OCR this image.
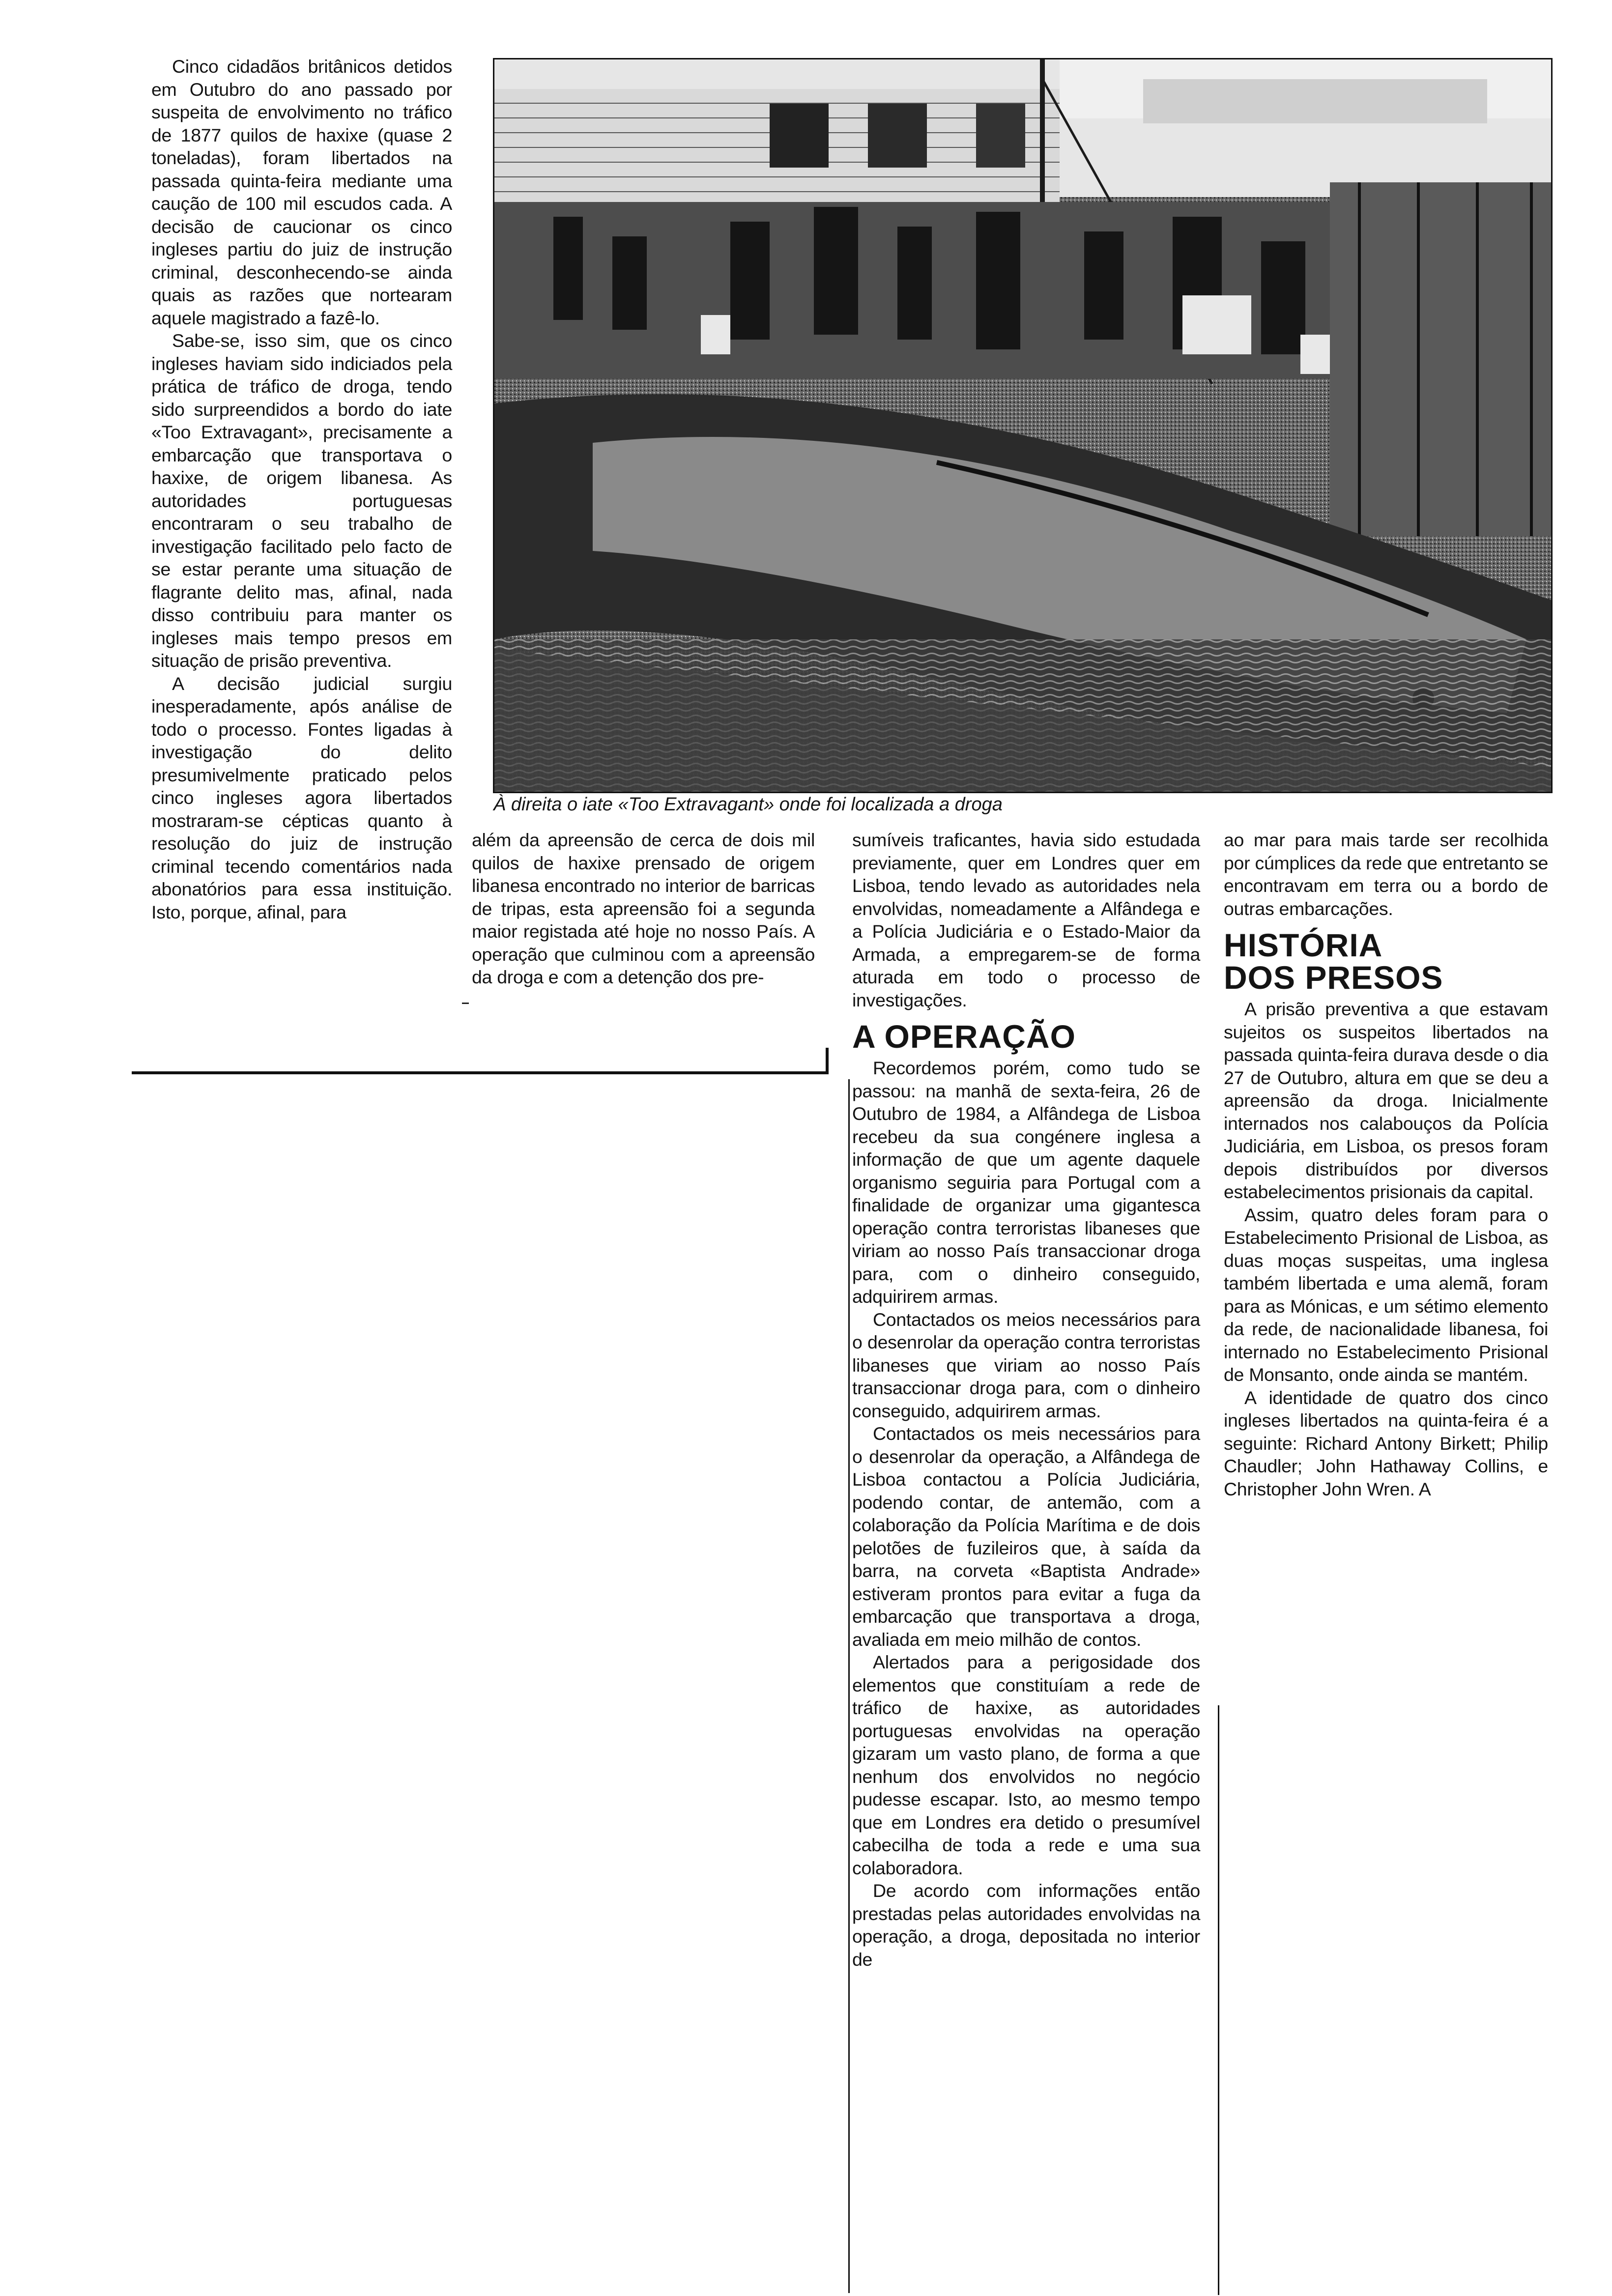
Cinco cidadãos britânicos detidos em Outubro do ano passado por suspeita de envolvimento no tráfico de 1877 quilos de haxixe (quase 2 toneladas), foram libertados na passada quinta-feira mediante uma caução de 100 mil escudos cada. A decisão de caucionar os cinco ingleses partiu do juiz de instrução criminal, desconhecendo-se ainda quais as razões que nortearam aquele magistrado a fazê-lo.

Sabe-se, isso sim, que os cinco ingleses haviam sido indiciados pela prática de tráfico de droga, tendo sido surpreendidos a bordo do iate «Too Extravagant», precisamente a embarcação que transportava o haxixe, de origem libanesa. As autoridades portuguesas encontraram o seu trabalho de investigação facilitado pelo facto de se estar perante uma situação de flagrante delito mas, afinal, nada disso contribuiu para manter os ingleses mais tempo presos em situação de prisão preventiva.

A decisão judicial surgiu inesperadamente, após análise de todo o processo. Fontes ligadas à investigação do delito presumivelmente praticado pelos cinco ingleses agora libertados mostraram-se cépticas quanto à resolução do juiz de instrução criminal tecendo comentários nada abonatórios para essa instituição. Isto, porque, afinal, para

À direita o iate «Too Extravagant» onde foi localizada a droga

além da apreensão de cerca de dois mil quilos de haxixe prensado de origem libanesa encontrado no interior de barricas de tripas, esta apreensão foi a segunda maior registada até hoje no nosso País. A operação que culminou com a apreensão da droga e com a detenção dos pre-

sumíveis traficantes, havia sido estudada previamente, quer em Londres quer em Lisboa, tendo levado as autoridades nela envolvidas, nomeadamente a Alfândega e a Polícia Judiciária e o Estado-Maior da Armada, a empregarem-se de forma aturada em todo o processo de investigações.

A OPERAÇÃO

Recordemos porém, como tudo se passou: na manhã de sexta-feira, 26 de Outubro de 1984, a Alfândega de Lisboa recebeu da sua congénere inglesa a informação de que um agente daquele organismo seguiria para Portugal com a finalidade de organizar uma gigantesca operação contra terroristas libaneses que viriam ao nosso País transaccionar droga para, com o dinheiro conseguido, adquirirem armas.

Contactados os meios necessários para o desenrolar da operação contra terroristas libaneses que viriam ao nosso País transaccionar droga para, com o dinheiro conseguido, adquirirem armas.

Contactados os meis necessários para o desenrolar da operação, a Alfândega de Lisboa contactou a Polícia Judiciária, podendo contar, de antemão, com a colaboração da Polícia Marítima e de dois pelotões de fuzileiros que, à saída da barra, na corveta «Baptista Andrade» estiveram prontos para evitar a fuga da embarcação que transportava a droga, avaliada em meio milhão de contos.

Alertados para a perigosidade dos elementos que constituíam a rede de tráfico de haxixe, as autoridades portuguesas envolvidas na operação gizaram um vasto plano, de forma a que nenhum dos envolvidos no negócio pudesse escapar. Isto, ao mesmo tempo que em Londres era detido o presumível cabecilha de toda a rede e uma sua colaboradora.

De acordo com informações então prestadas pelas autoridades envolvidas na operação, a droga, depositada no interior de

ao mar para mais tarde ser recolhida por cúmplices da rede que entretanto se encontravam em terra ou a bordo de outras embarcações.

HISTÓRIA DOS PRESOS

A prisão preventiva a que estavam sujeitos os suspeitos libertados na passada quinta-feira durava desde o dia 27 de Outubro, altura em que se deu a apreensão da droga. Inicialmente internados nos calabouços da Polícia Judiciária, em Lisboa, os presos foram depois distribuídos por diversos estabelecimentos prisionais da capital.

Assim, quatro deles foram para o Estabelecimento Prisional de Lisboa, as duas moças suspeitas, uma inglesa também libertada e uma alemã, foram para as Mónicas, e um sétimo elemento da rede, de nacionalidade libanesa, foi internado no Estabelecimento Prisional de Monsanto, onde ainda se mantém.

A identidade de quatro dos cinco ingleses libertados na quinta-feira é a seguinte: Richard Antony Birkett; Philip Chaudler; John Hathaway Collins, e Christopher John Wren. A
